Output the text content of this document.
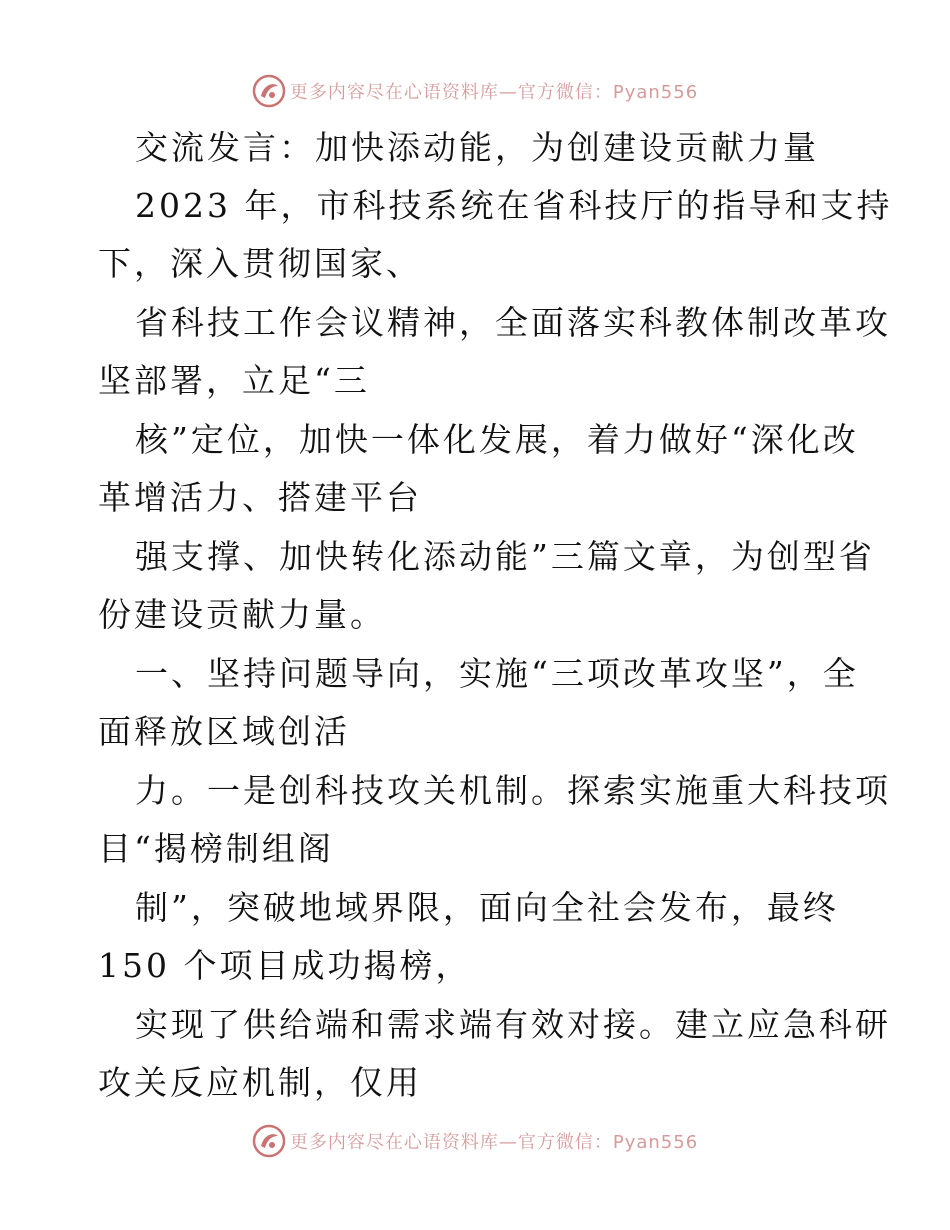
更多内容尽在心语资料库—官方微信：Pyan556
交流发言：加快添动能，为创建设贡献力量
2023 年，市科技系统在省科技厅的指导和支持
下，深入贯彻国家、
省科技工作会议精神，全面落实科教体制改革攻
坚部署，立足“三
核”定位，加快一体化发展，着力做好“深化改
革增活力、搭建平台
强支撑、加快转化添动能”三篇文章，为创型省
份建设贡献力量。
一、坚持问题导向，实施“三项改革攻坚”，全
面释放区域创活
力。一是创科技攻关机制。探索实施重大科技项
目“揭榜制组阁
制”，突破地域界限，面向全社会发布，最终
150 个项目成功揭榜，
实现了供给端和需求端有效对接。建立应急科研
攻关反应机制，仅用
更多内容尽在心语资料库—官方微信：Pyan556
